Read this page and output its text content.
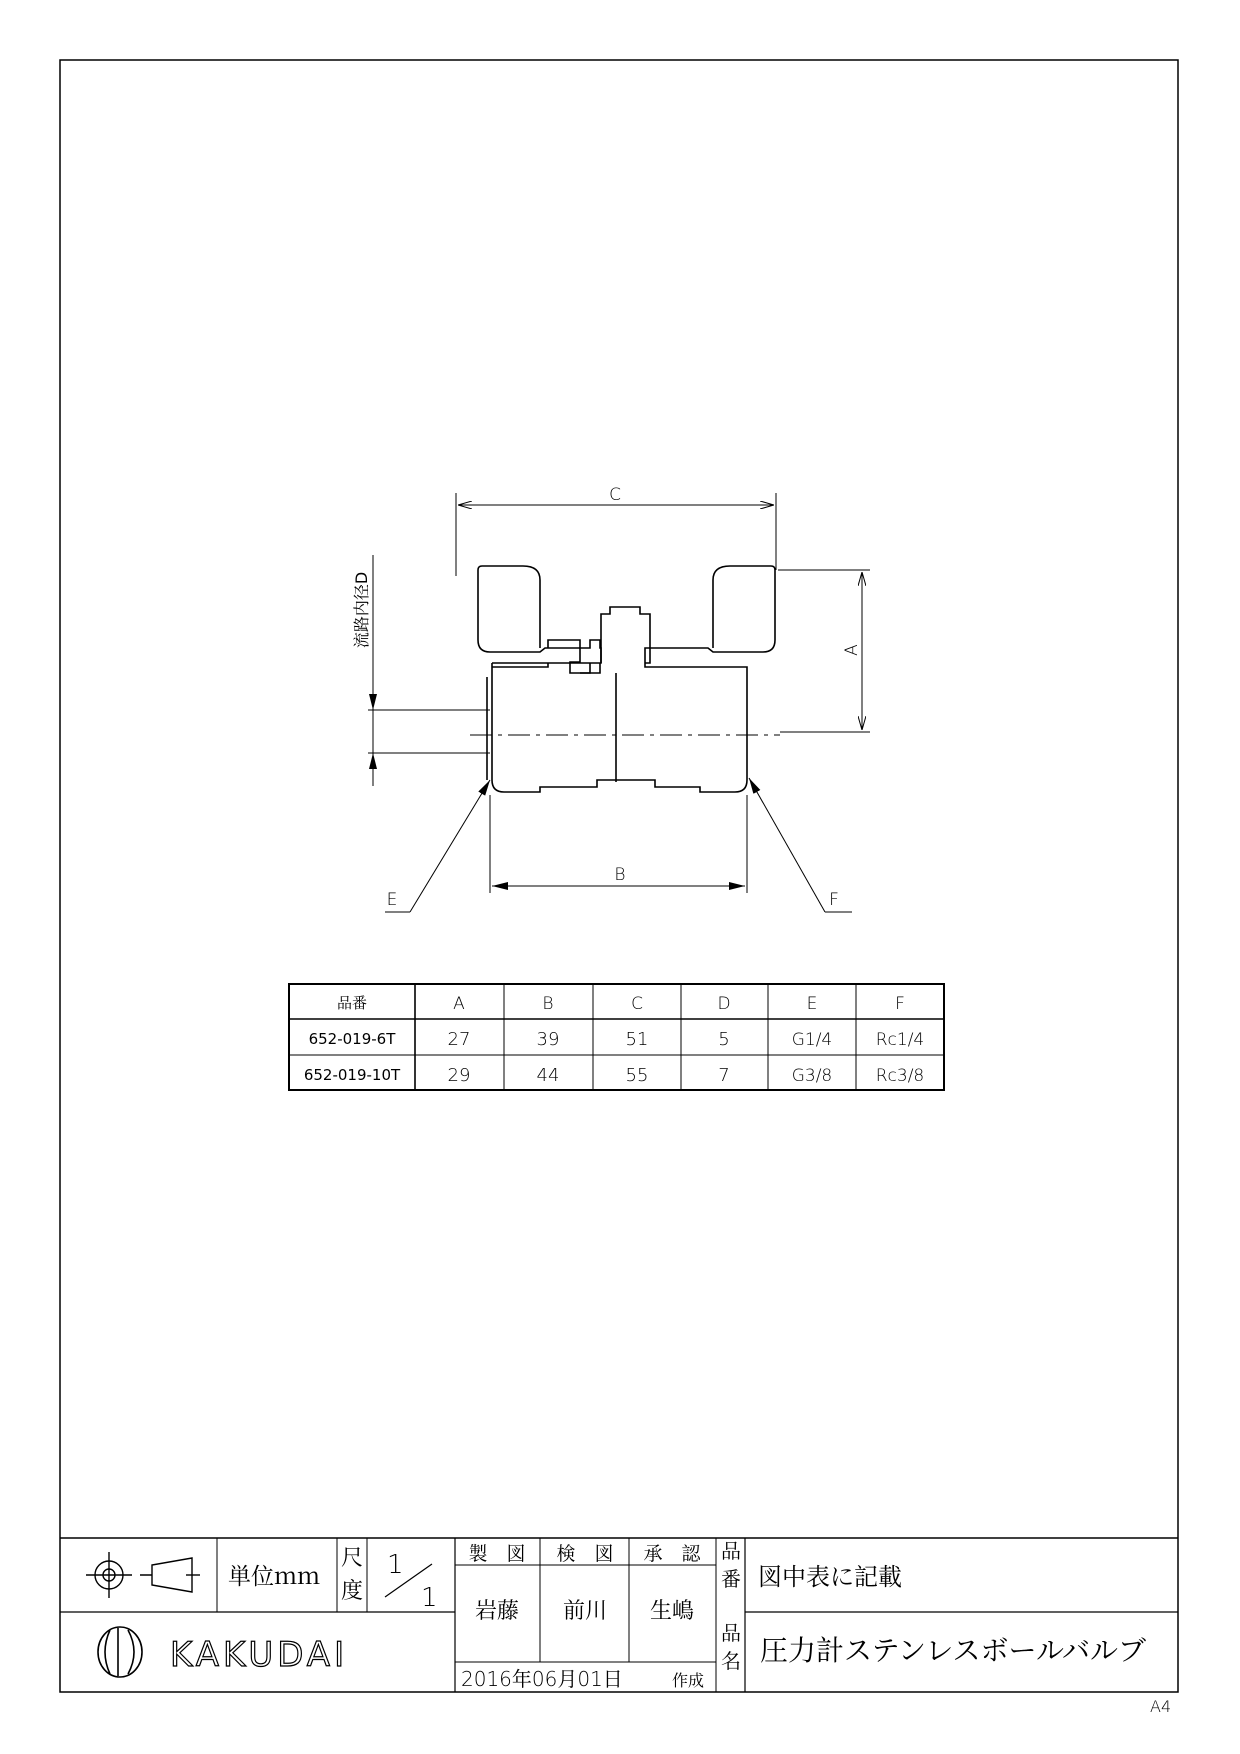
C
A
流路内径D
B
E	F
品番	A	B	C	D	E	F
652-019-6T	27	39	51	5	G1/4	Rc1/4
652-019-10T	29	44	55	7	G3/8	Rc3/8
単位ｍｍ
尺
度
1
1
製　図 検　図 承　認
岩藤 前川 生嶋
2016年06月01日	作成
品
番 図中表に記載
品
名 圧力計ステンレスボールバルブ
KAKUDAI
A4
